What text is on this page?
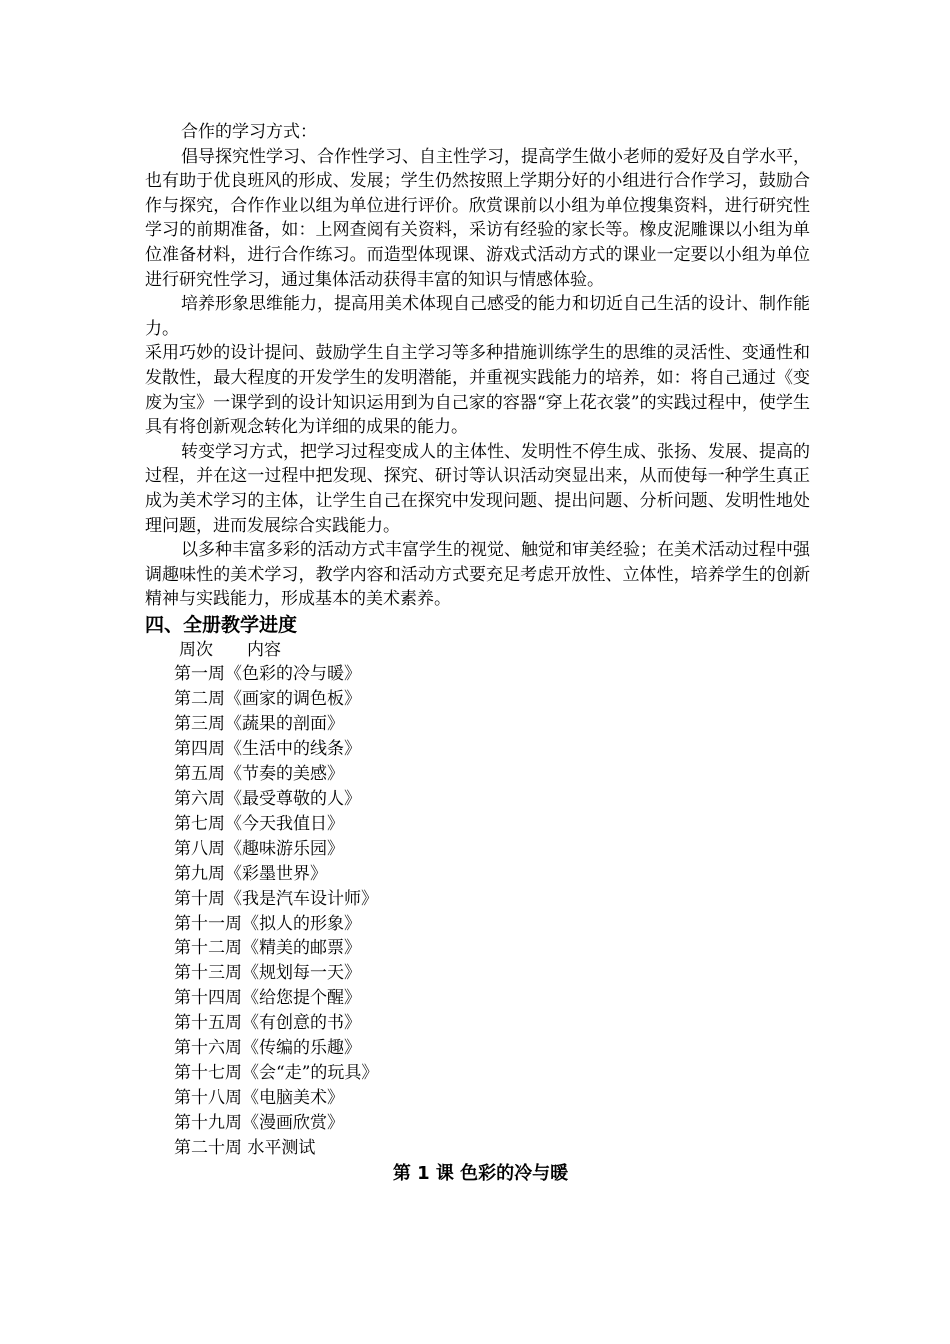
合作的学习方式：

倡导探究性学习、合作性学习、自主性学习，提高学生做小老师的爱好及自学水平，也有助于优良班风的形成、发展；学生仍然按照上学期分好的小组进行合作学习，鼓励合作与探究，合作作业以组为单位进行评价。欣赏课前以小组为单位搜集资料，进行研究性学习的前期准备，如：上网查阅有关资料，采访有经验的家长等。橡皮泥雕课以小组为单位准备材料，进行合作练习。而造型体现课、游戏式活动方式的课业一定要以小组为单位进行研究性学习，通过集体活动获得丰富的知识与情感体验。

培养形象思维能力，提高用美术体现自己感受的能力和切近自己生活的设计、制作能力。

采用巧妙的设计提问、鼓励学生自主学习等多种措施训练学生的思维的灵活性、变通性和发散性，最大程度的开发学生的发明潜能，并重视实践能力的培养，如：将自己通过《变废为宝》一课学到的设计知识运用到为自己家的容器“穿上花衣裳”的实践过程中，使学生具有将创新观念转化为详细的成果的能力。

转变学习方式，把学习过程变成人的主体性、发明性不停生成、张扬、发展、提高的过程，并在这一过程中把发现、探究、研讨等认识活动突显出来，从而使每一种学生真正成为美术学习的主体，让学生自己在探究中发现问题、提出问题、分析问题、发明性地处理问题，进而发展综合实践能力。

以多种丰富多彩的活动方式丰富学生的视觉、触觉和审美经验；在美术活动过程中强调趣味性的美术学习，教学内容和活动方式要充足考虑开放性、立体性，培养学生的创新精神与实践能力，形成基本的美术素养。

四、全册教学进度

周次 内容

第一周《色彩的冷与暖》
第二周《画家的调色板》
第三周《蔬果的剖面》
第四周《生活中的线条》
第五周《节奏的美感》
第六周《最受尊敬的人》
第七周《今天我值日》
第八周《趣味游乐园》
第九周《彩墨世界》
第十周《我是汽车设计师》
第十一周《拟人的形象》
第十二周《精美的邮票》
第十三周《规划每一天》
第十四周《给您提个醒》
第十五周《有创意的书》
第十六周《传编的乐趣》
第十七周《会“走”的玩具》
第十八周《电脑美术》
第十九周《漫画欣赏》
第二十周 水平测试
第 1 课 色彩的冷与暖
